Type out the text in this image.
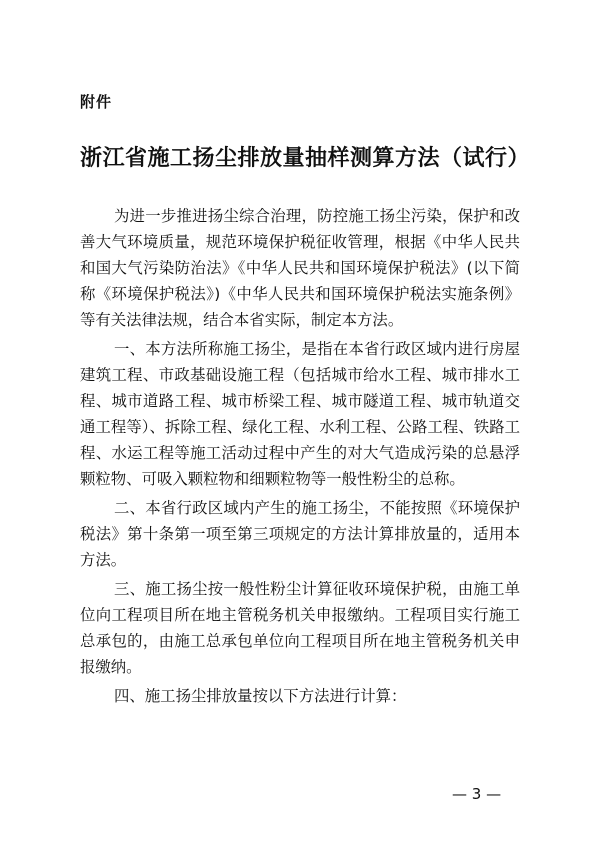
附件
浙江省施工扬尘排放量抽样测算方法（试行）

为进一步推进扬尘综合治理，防控施工扬尘污染，保护和改善大气环境质量，规范环境保护税征收管理，根据《中华人民共和国大气污染防治法》《中华人民共和国环境保护税法》(以下简称《环境保护税法》)《中华人民共和国环境保护税法实施条例》等有关法律法规，结合本省实际，制定本方法。

一、本方法所称施工扬尘，是指在本省行政区域内进行房屋建筑工程、市政基础设施工程（包括城市给水工程、城市排水工程、城市道路工程、城市桥梁工程、城市隧道工程、城市轨道交通工程等）、拆除工程、绿化工程、水利工程、公路工程、铁路工程、水运工程等施工活动过程中产生的对大气造成污染的总悬浮颗粒物、可吸入颗粒物和细颗粒物等一般性粉尘的总称。

二、本省行政区域内产生的施工扬尘，不能按照《环境保护税法》第十条第一项至第三项规定的方法计算排放量的，适用本方法。

三、施工扬尘按一般性粉尘计算征收环境保护税，由施工单位向工程项目所在地主管税务机关申报缴纳。工程项目实行施工总承包的，由施工总承包单位向工程项目所在地主管税务机关申报缴纳。

四、施工扬尘排放量按以下方法进行计算：

— 3 —
